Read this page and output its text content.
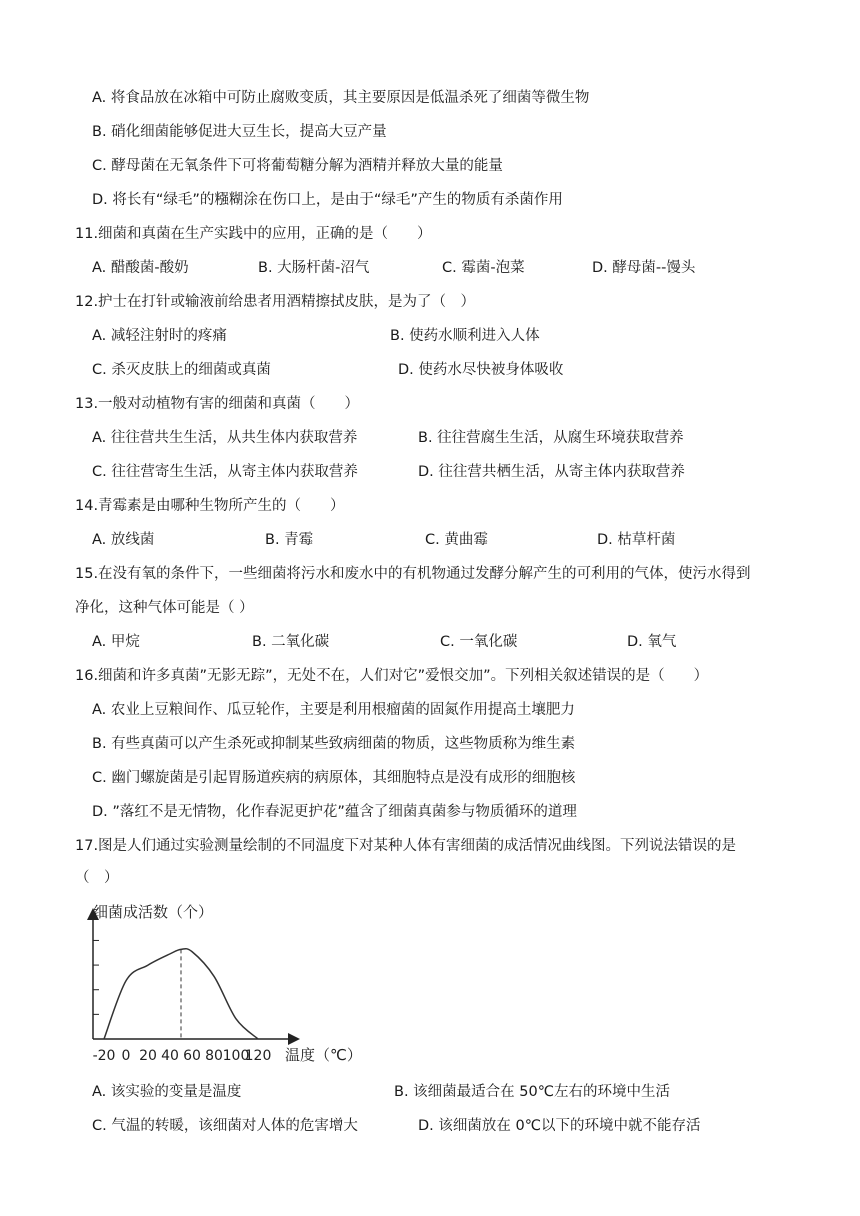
A. 将食品放在冰箱中可防止腐败变质，其主要原因是低温杀死了细菌等微生物
B. 硝化细菌能够促进大豆生长，提高大豆产量
C. 酵母菌在无氧条件下可将葡萄糖分解为酒精并释放大量的能量
D. 将长有“绿毛”的糨糊涂在伤口上，是由于“绿毛”产生的物质有杀菌作用
11.细菌和真菌在生产实践中的应用，正确的是（　　）
A. 醋酸菌-酸奶	B. 大肠杆菌-沼气	C. 霉菌-泡菜	D. 酵母菌--馒头
12.护士在打针或输液前给患者用酒精擦拭皮肤，是为了（　）
A. 减轻注射时的疼痛	B. 使药水顺利进入人体
C. 杀灭皮肤上的细菌或真菌	D. 使药水尽快被身体吸收
13.一般对动植物有害的细菌和真菌（　　）
A. 往往营共生生活，从共生体内获取营养	B. 往往营腐生生活，从腐生环境获取营养
C. 往往营寄生生活，从寄主体内获取营养	D. 往往营共栖生活，从寄主体内获取营养
14.青霉素是由哪种生物所产生的（　　）
A. 放线菌	B. 青霉	C. 黄曲霉	D. 枯草杆菌
15.在没有氧的条件下，一些细菌将污水和废水中的有机物通过发酵分解产生的可利用的气体，使污水得到
净化，这种气体可能是（ ）
A. 甲烷	B. 二氧化碳	C. 一氧化碳	D. 氧气
16.细菌和许多真菌”无影无踪”，无处不在，人们对它”爱恨交加”。下列相关叙述错误的是（　　）
A. 农业上豆粮间作、瓜豆轮作，主要是利用根瘤菌的固氮作用提高土壤肥力
B. 有些真菌可以产生杀死或抑制某些致病细菌的物质，这些物质称为维生素
C. 幽门螺旋菌是引起胃肠道疾病的病原体，其细胞特点是没有成形的细胞核
D. ”落红不是无情物，化作春泥更护花”蕴含了细菌真菌参与物质循环的道理
17.图是人们通过实验测量绘制的不同温度下对某种人体有害细菌的成活情况曲线图。下列说法错误的是
（　）
细菌成活数（个）
温度（℃）
-20 0 20 40 60 80 100
120
A. 该实验的变量是温度	B. 该细菌最适合在 50℃左右的环境中生活
C. 气温的转暖，该细菌对人体的危害增大	D. 该细菌放在 0℃以下的环境中就不能存活
